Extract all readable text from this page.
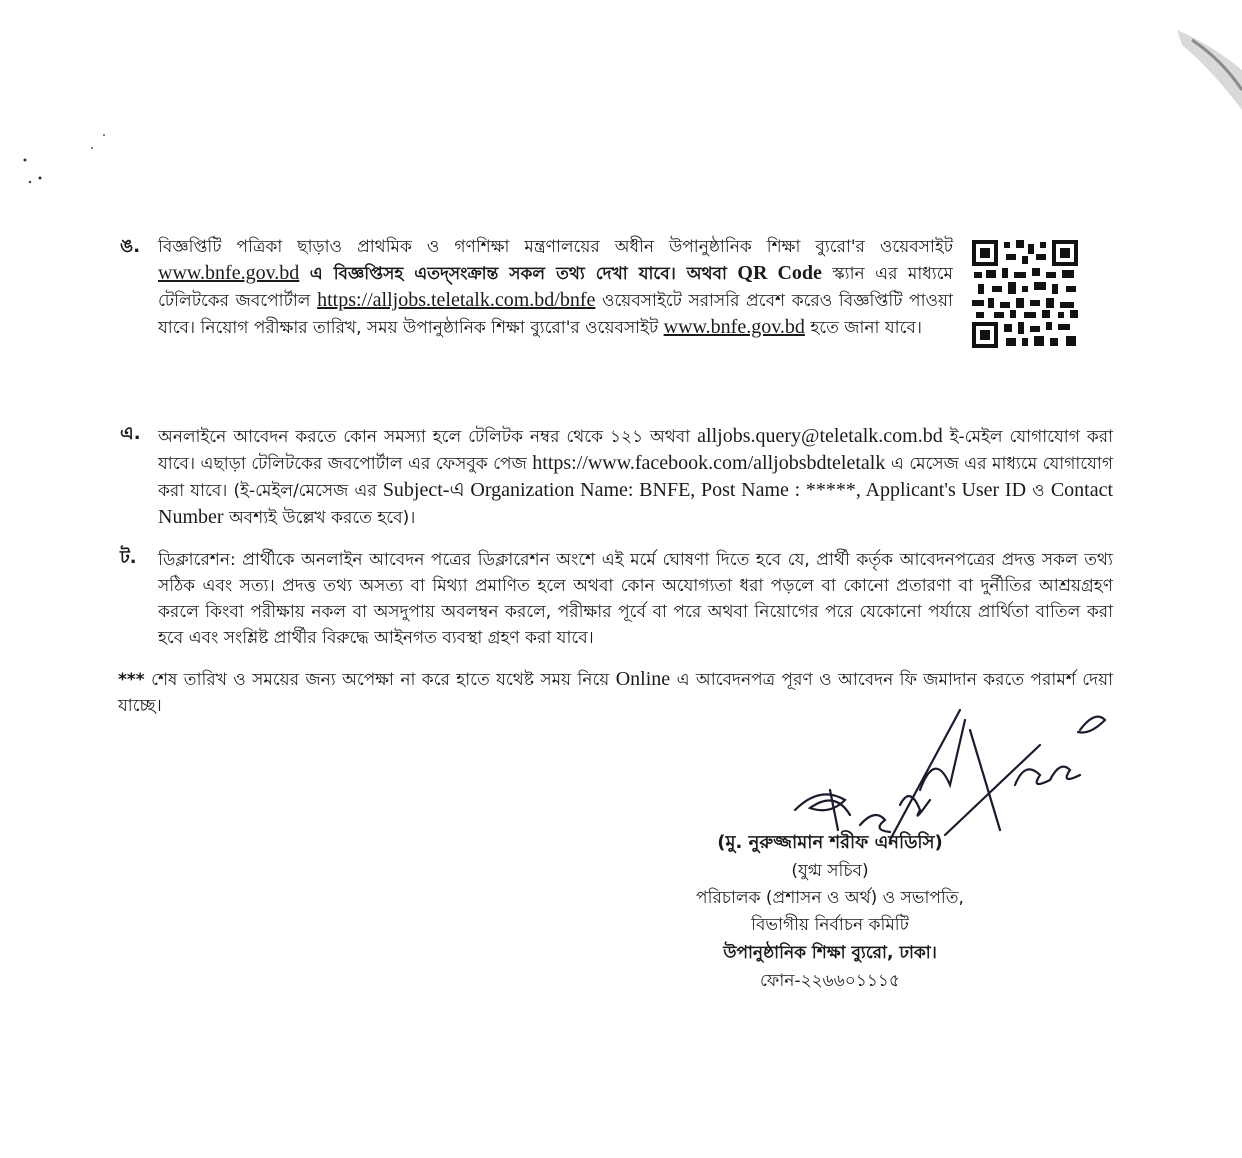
ঙ. বিজ্ঞপ্তিটি পত্রিকা ছাড়াও প্রাথমিক ও গণশিক্ষা মন্ত্রণালয়ের অধীন উপানুষ্ঠানিক শিক্ষা ব্যুরো'র ওয়েবসাইট www.bnfe.gov.bd এ বিজ্ঞপ্তিসহ এতদ্‌সংক্রান্ত সকল তথ্য দেখা যাবে। অথবা QR Code স্ক্যান এর মাধ্যমে টেলিটকের জবপোর্টাল https://alljobs.teletalk.com.bd/bnfe ওয়েবসাইটে সরাসরি প্রবেশ করেও বিজ্ঞপ্তিটি পাওয়া যাবে। নিয়োগ পরীক্ষার তারিখ, সময় উপানুষ্ঠানিক শিক্ষা ব্যুরো'র ওয়েবসাইট www.bnfe.gov.bd হতে জানা যাবে।
এ. অনলাইনে আবেদন করতে কোন সমস্যা হলে টেলিটক নম্বর থেকে ১২১ অথবা alljobs.query@teletalk.com.bd ই-মেইল যোগাযোগ করা যাবে। এছাড়া টেলিটকের জবপোর্টাল এর ফেসবুক পেজ https://www.facebook.com/alljobsbdteletalk এ মেসেজ এর মাধ্যমে যোগাযোগ করা যাবে। (ই-মেইল/মেসেজ এর Subject-এ Organization Name: BNFE, Post Name : *****, Applicant's User ID ও Contact Number অবশ্যই উল্লেখ করতে হবে)।
ট. ডিক্লারেশন: প্রার্থীকে অনলাইন আবেদন পত্রের ডিক্লারেশন অংশে এই মর্মে ঘোষণা দিতে হবে যে, প্রার্থী কর্তৃক আবেদনপত্রের প্রদত্ত সকল তথ্য সঠিক এবং সত্য। প্রদত্ত তথ্য অসত্য বা মিথ্যা প্রমাণিত হলে অথবা কোন অযোগ্যতা ধরা পড়লে বা কোনো প্রতারণা বা দুর্নীতির আশ্রয়গ্রহণ করলে কিংবা পরীক্ষায় নকল বা অসদুপায় অবলম্বন করলে, পরীক্ষার পূর্বে বা পরে অথবা নিয়োগের পরে যেকোনো পর্যায়ে প্রার্থিতা বাতিল করা হবে এবং সংশ্লিষ্ট প্রার্থীর বিরুদ্ধে আইনগত ব্যবস্থা গ্রহণ করা যাবে।
*** শেষ তারিখ ও সময়ের জন্য অপেক্ষা না করে হাতে যথেষ্ট সময় নিয়ে Online এ আবেদনপত্র পূরণ ও আবেদন ফি জমাদান করতে পরামর্শ দেয়া যাচ্ছে।
(মু. নুরুজ্জামান শরীফ এনডিসি)
(যুগ্ম সচিব)
পরিচালক (প্রশাসন ও অর্থ) ও সভাপতি,
বিভাগীয় নির্বাচন কমিটি
উপানুষ্ঠানিক শিক্ষা ব্যুরো, ঢাকা।
ফোন-২২৬৬০১১১৫
